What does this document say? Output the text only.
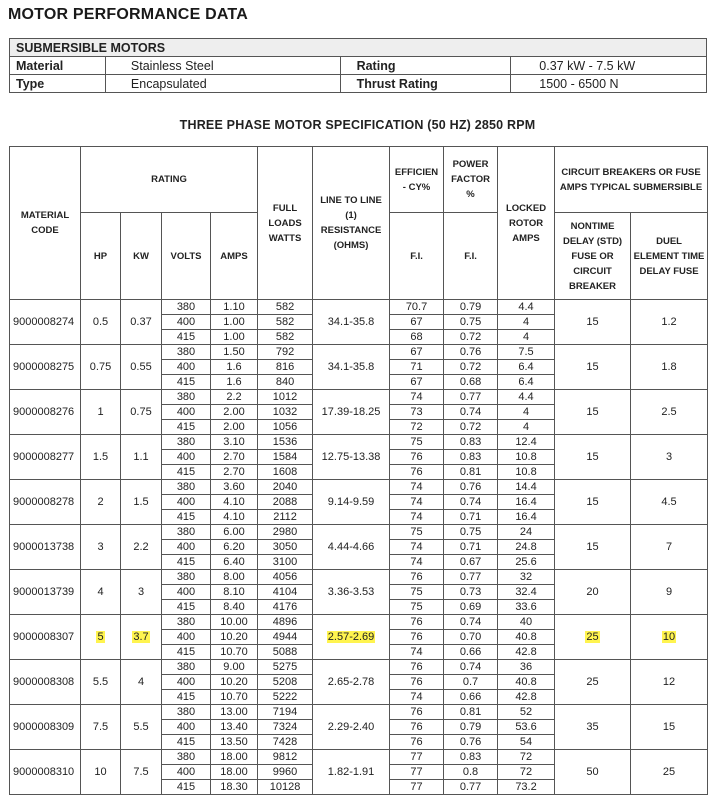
MOTOR PERFORMANCE DATA
SUBMERSIBLE MOTORS			
Material	Stainless Steel	Rating	0.37 kW - 7.5 kW
Type	Encapsulated	Thrust Rating	1500 - 6500 N
THREE PHASE MOTOR SPECIFICATION (50 HZ) 2850 RPM
MATERIAL CODE	RATING				FULL LOADS WATTS	LINE TO LINE (1) RESISTANCE (OHMS)	EFFICIEN - CY%	POWER FACTOR %	LOCKED ROTOR AMPS	CIRCUIT BREAKERS OR FUSE AMPS TYPICAL SUBMERSIBLE	
	HP	KW	VOLTS	AMPS			F.I.	F.I.		NONTIME DELAY (STD) FUSE OR CIRCUIT BREAKER	DUEL ELEMENT TIME DELAY FUSE
9000008274	0.5	0.37	380	1.10	582	34.1-35.8	70.7	0.79	4.4	15	1.2
			400	1.00	582		67	0.75	4		
			415	1.00	582		68	0.72	4		
9000008275	0.75	0.55	380	1.50	792	34.1-35.8	67	0.76	7.5	15	1.8
			400	1.6	816		71	0.72	6.4		
			415	1.6	840		67	0.68	6.4		
9000008276	1	0.75	380	2.2	1012	17.39-18.25	74	0.77	4.4	15	2.5
			400	2.00	1032		73	0.74	4		
			415	2.00	1056		72	0.72	4		
9000008277	1.5	1.1	380	3.10	1536	12.75-13.38	75	0.83	12.4	15	3
			400	2.70	1584		76	0.83	10.8		
			415	2.70	1608		76	0.81	10.8		
9000008278	2	1.5	380	3.60	2040	9.14-9.59	74	0.76	14.4	15	4.5
			400	4.10	2088		74	0.74	16.4		
			415	4.10	2112		74	0.71	16.4		
9000013738	3	2.2	380	6.00	2980	4.44-4.66	75	0.75	24	15	7
			400	6.20	3050		74	0.71	24.8		
			415	6.40	3100		74	0.67	25.6		
9000013739	4	3	380	8.00	4056	3.36-3.53	76	0.77	32	20	9
			400	8.10	4104		75	0.73	32.4		
			415	8.40	4176		75	0.69	33.6		
9000008307	5	3.7	380	10.00	4896	2.57-2.69	76	0.74	40	25	10
			400	10.20	4944		76	0.70	40.8		
			415	10.70	5088		74	0.66	42.8		
9000008308	5.5	4	380	9.00	5275	2.65-2.78	76	0.74	36	25	12
			400	10.20	5208		76	0.7	40.8		
			415	10.70	5222		74	0.66	42.8		
9000008309	7.5	5.5	380	13.00	7194	2.29-2.40	76	0.81	52	35	15
			400	13.40	7324		76	0.79	53.6		
			415	13.50	7428		76	0.76	54		
9000008310	10	7.5	380	18.00	9812	1.82-1.91	77	0.83	72	50	25
			400	18.00	9960		77	0.8	72		
			415	18.30	10128		77	0.77	73.2		
